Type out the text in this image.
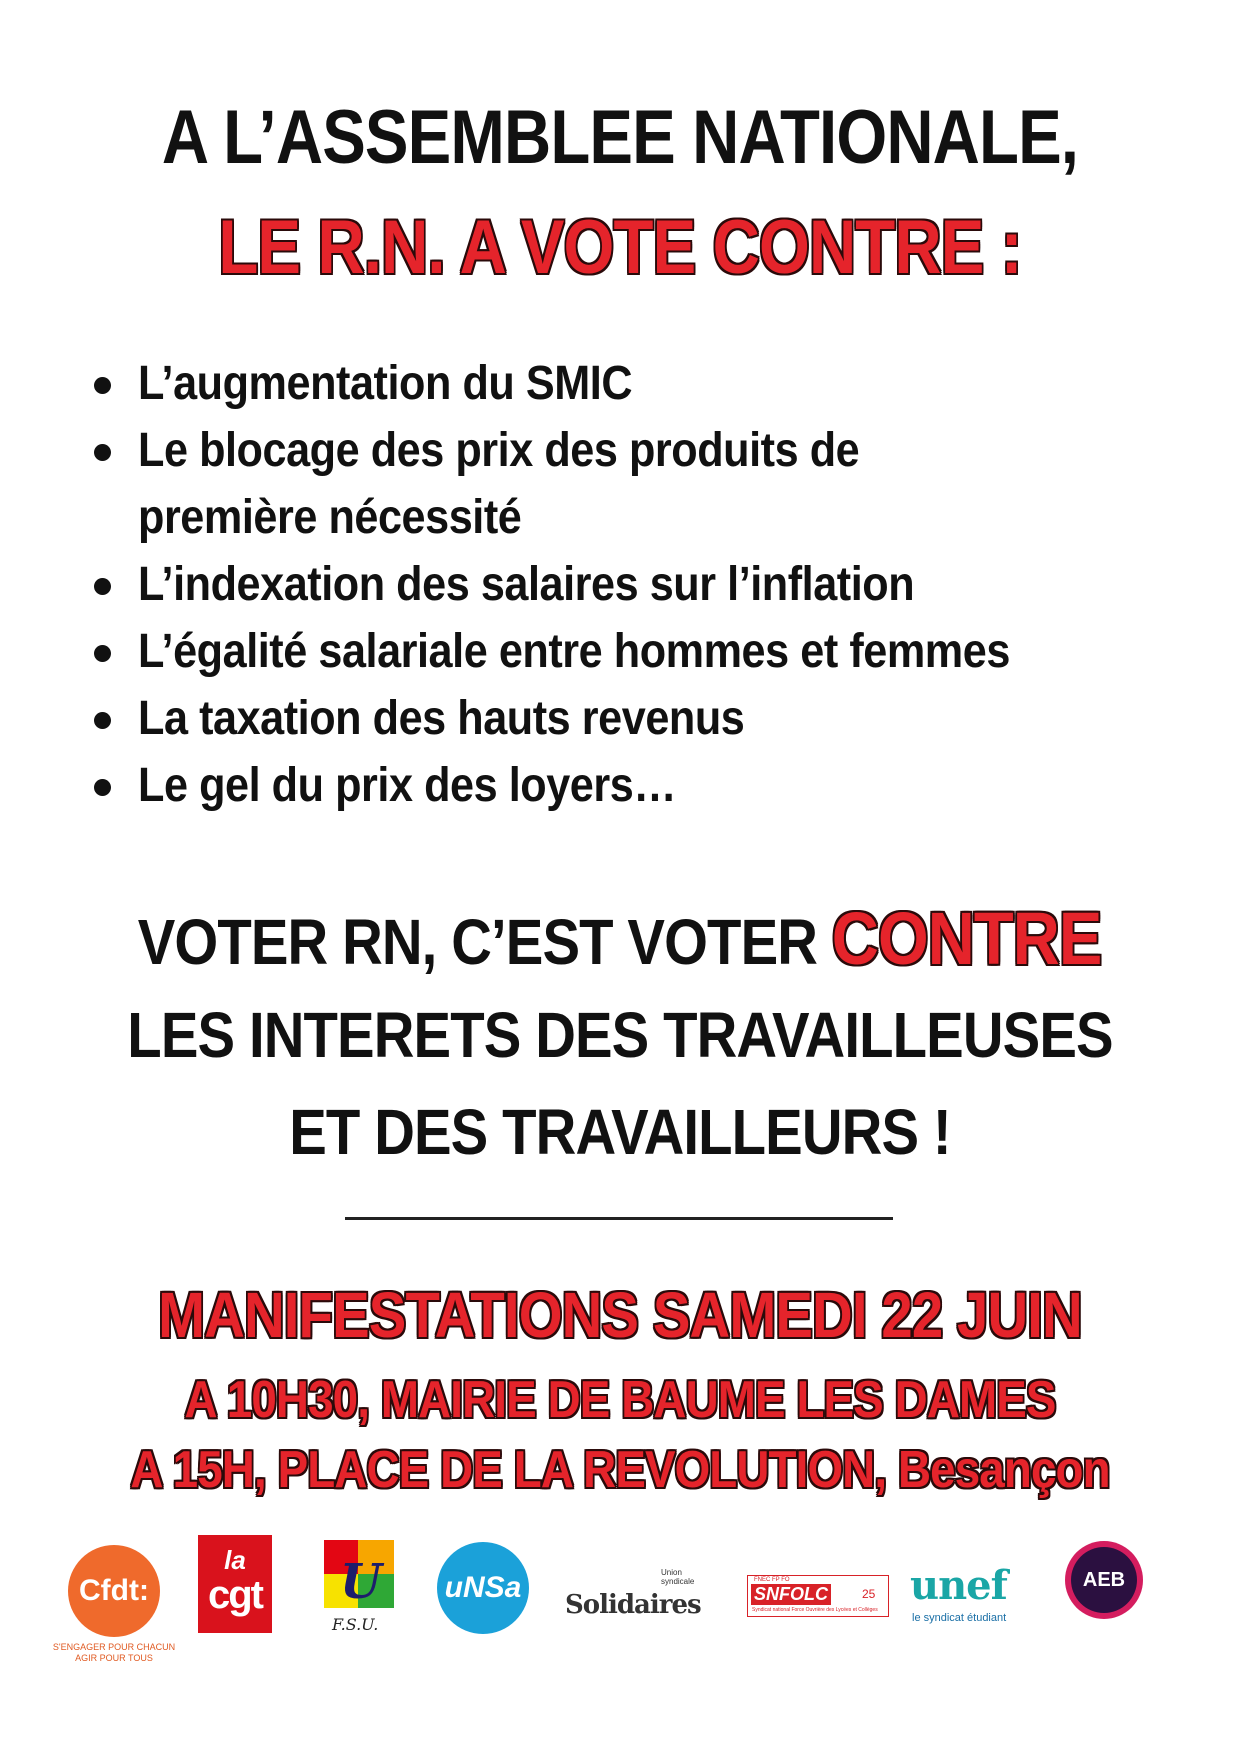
A L’ASSEMBLEE NATIONALE,
LE R.N. A VOTE CONTRE :
L’augmentation du SMIC
Le blocage des prix des produits de
première nécessité
L’indexation des salaires sur l’inflation
L’égalité salariale entre hommes et femmes
La taxation des hauts revenus
Le gel du prix des loyers…
VOTER RN, C’EST VOTER CONTRE
LES INTERETS DES TRAVAILLEUSES
ET DES TRAVAILLEURS !
MANIFESTATIONS SAMEDI 22 JUIN
A 10H30, MAIRIE DE BAUME LES DAMES
A 15H, PLACE DE LA REVOLUTION, Besançon
Cfdt:
S'ENGAGER POUR CHACUN AGIR POUR TOUS
la
cgt U
F.S.U.
uNSa	Union syndicale
Solidaires
FNEC FP FO
SNFOLC	25
Syndicat national Force Ouvrière des Lycées et Collèges
unef
le syndicat étudiant
AEB
